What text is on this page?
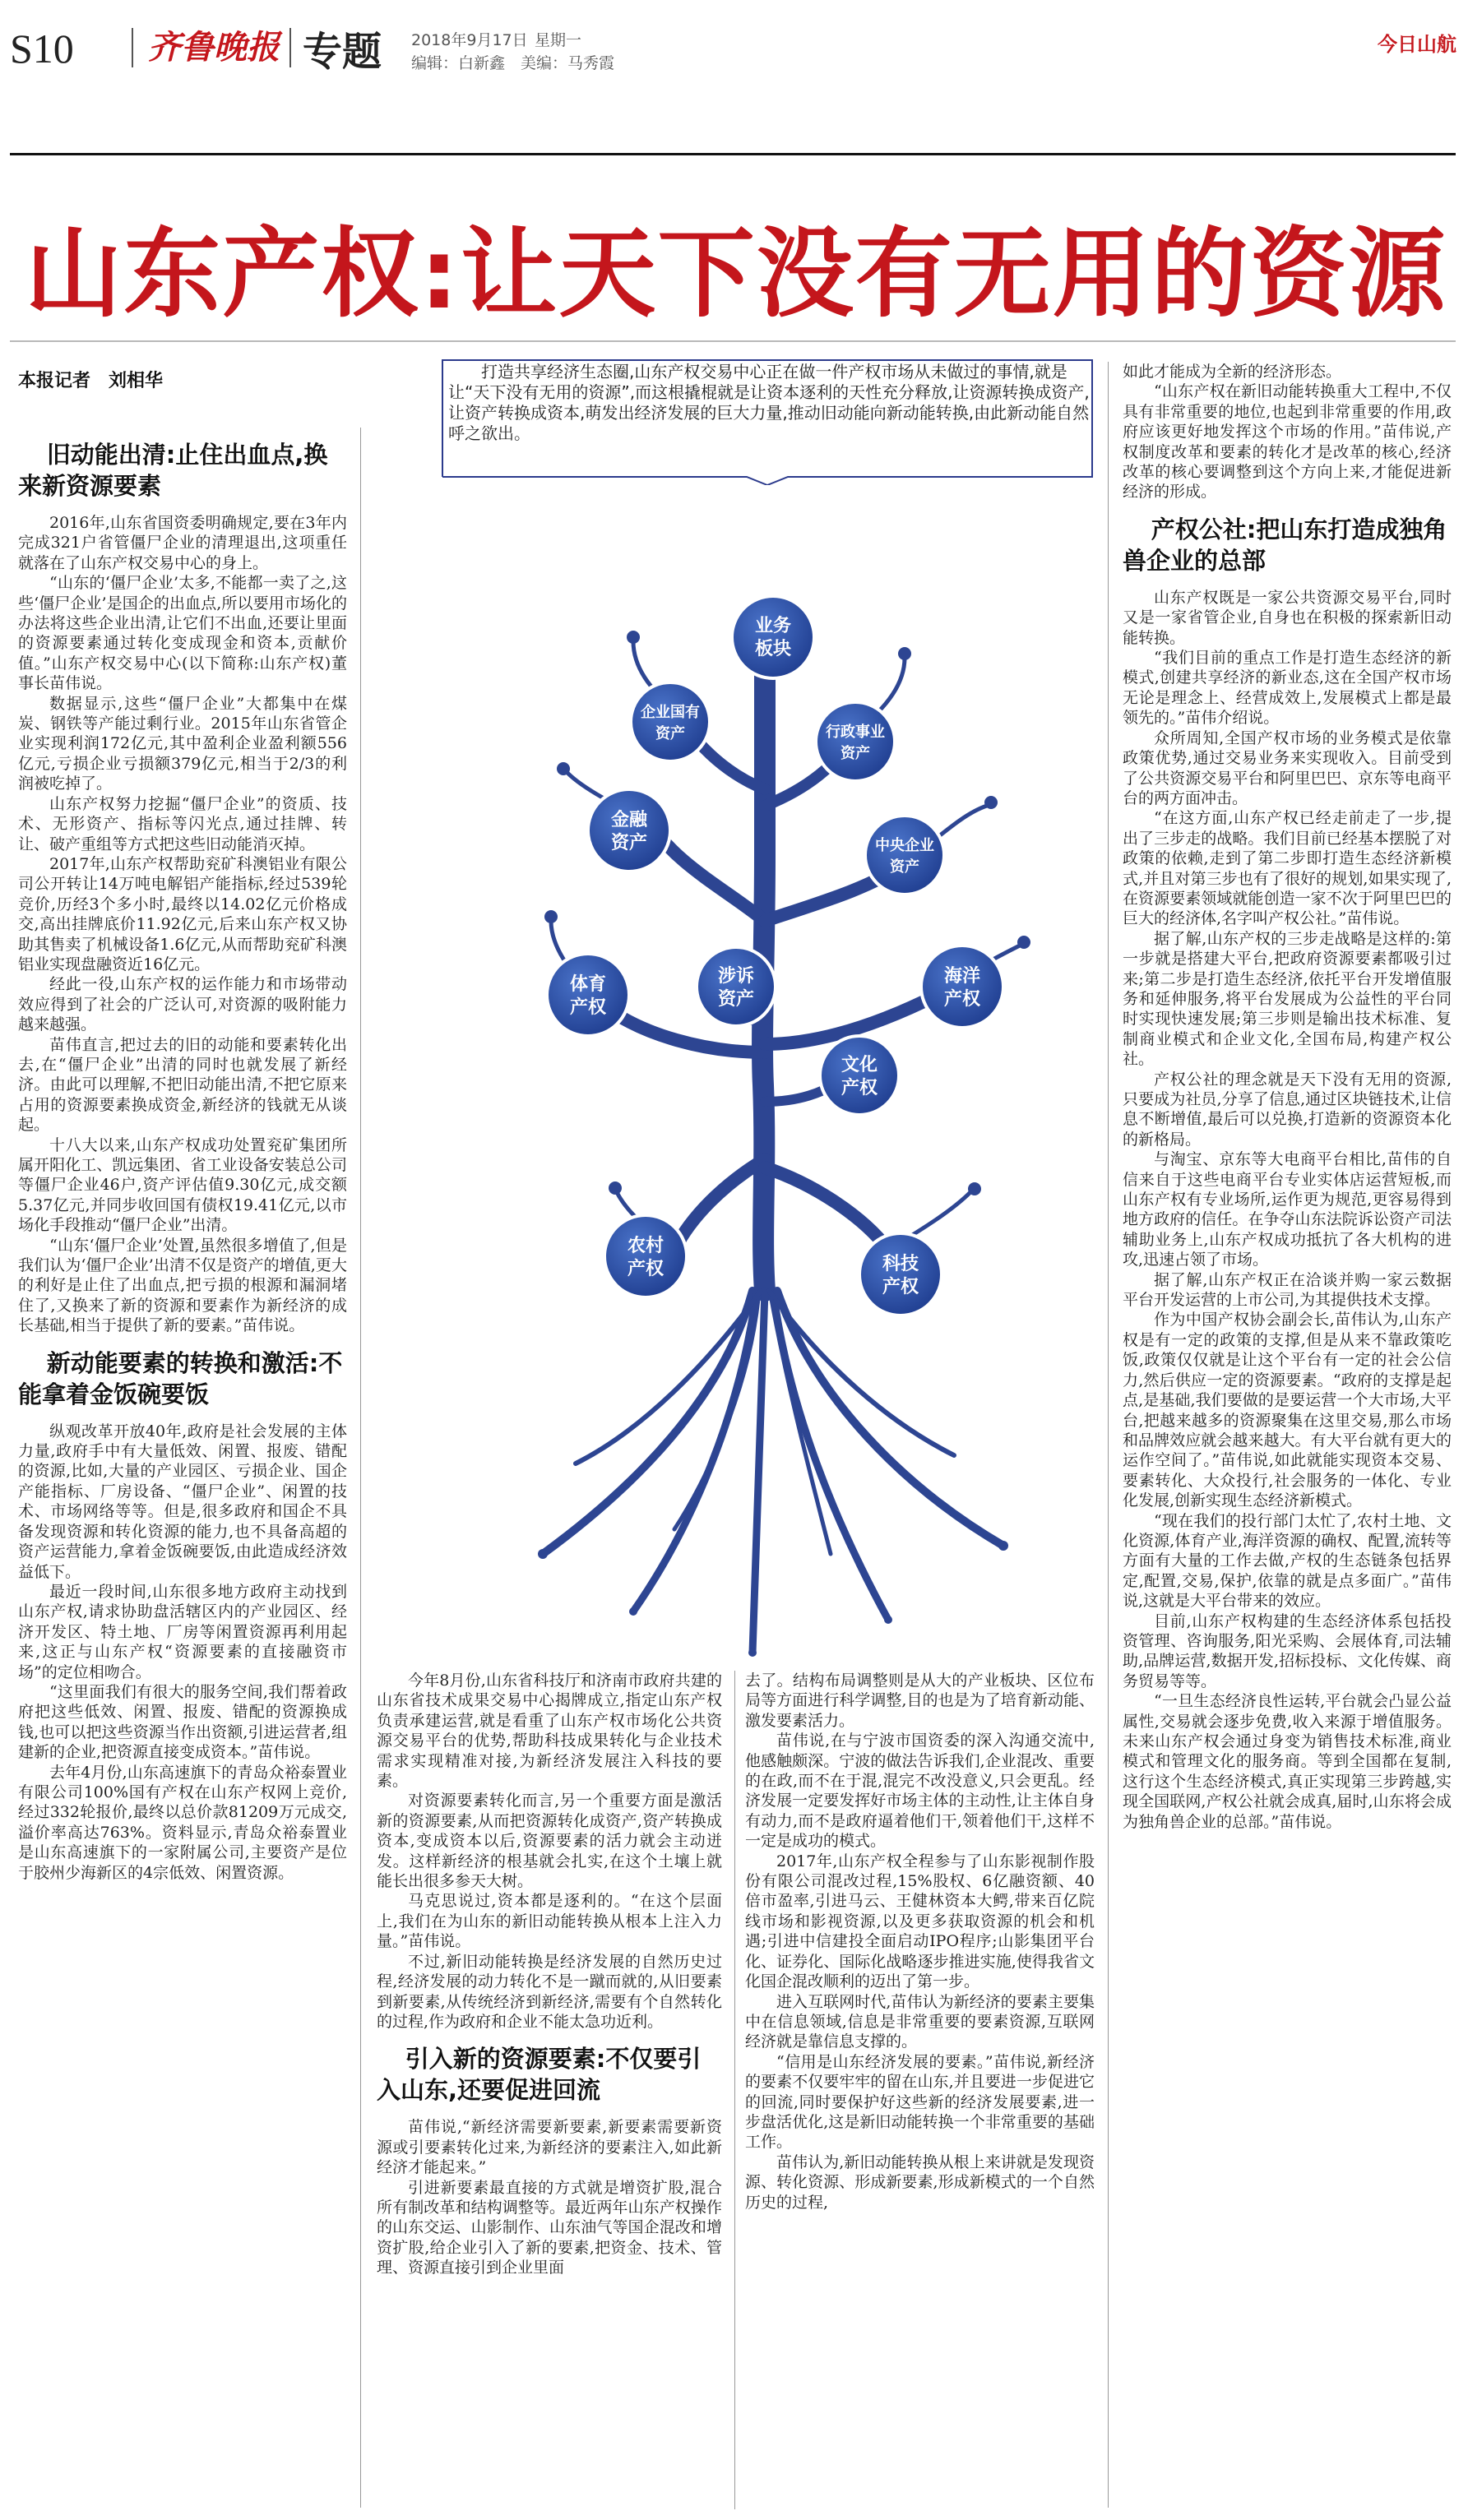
S10 齐鲁晚报 专题 2018年9月17日 星期一
编辑：白新鑫　 美编：马秀霞
今日山航
山东产权:让天下没有无用的资源
本报记者　刘相华	打造共享经济生态圈,山东产权交易中心正在做一件产权市场从未做过的事情,就是让“天下没有无用的资源”,而这根撬棍就是让资本逐利的天性充分释放,让资源转换成资产,让资产转换成资本,萌发出经济发展的巨大力量,推动旧动能向新动能转换,由此新动能自然呼之欲出。

旧动能出清:止住出血点,换来新资源要素

2016年,山东省国资委明确规定,要在3年内完成321户省管僵尸企业的清理退出,这项重任就落在了山东产权交易中心的身上。

“山东的‘僵尸企业’太多,不能都一卖了之,这些‘僵尸企业’是国企的出血点,所以要用市场化的办法将这些企业出清,让它们不出血,还要让里面的资源要素通过转化变成现金和资本,贡献价值。”山东产权交易中心(以下简称:山东产权)董事长苗伟说。

数据显示,这些“僵尸企业”大都集中在煤炭、钢铁等产能过剩行业。2015年山东省管企业实现利润172亿元,其中盈利企业盈利额556亿元,亏损企业亏损额379亿元,相当于2/3的利润被吃掉了。

山东产权努力挖掘“僵尸企业”的资质、技术、无形资产、指标等闪光点,通过挂牌、转让、破产重组等方式把这些旧动能消灭掉。

2017年,山东产权帮助兖矿科澳铝业有限公司公开转让14万吨电解铝产能指标,经过539轮竞价,历经3个多小时,最终以14.02亿元价格成交,高出挂牌底价11.92亿元,后来山东产权又协助其售卖了机械设备1.6亿元,从而帮助兖矿科澳铝业实现盘融资近16亿元。

经此一役,山东产权的运作能力和市场带动效应得到了社会的广泛认可,对资源的吸附能力越来越强。

苗伟直言,把过去的旧的动能和要素转化出去,在“僵尸企业”出清的同时也就发展了新经济。由此可以理解,不把旧动能出清,不把它原来占用的资源要素换成资金,新经济的钱就无从谈起。

十八大以来,山东产权成功处置兖矿集团所属开阳化工、凯远集团、省工业设备安装总公司等僵尸企业46户,资产评估值9.30亿元,成交额5.37亿元,并同步收回国有债权19.41亿元,以市场化手段推动“僵尸企业”出清。

“山东‘僵尸企业’处置,虽然很多增值了,但是我们认为‘僵尸企业’出清不仅是资产的增值,更大的利好是止住了出血点,把亏损的根源和漏洞堵住了,又换来了新的资源和要素作为新经济的成长基础,相当于提供了新的要素。”苗伟说。

新动能要素的转换和激活:不能拿着金饭碗要饭

纵观改革开放40年,政府是社会发展的主体力量,政府手中有大量低效、闲置、报废、错配的资源,比如,大量的产业园区、亏损企业、国企产能指标、厂房设备、“僵尸企业”、闲置的技术、市场网络等等。但是,很多政府和国企不具备发现资源和转化资源的能力,也不具备高超的资产运营能力,拿着金饭碗要饭,由此造成经济效益低下。

最近一段时间,山东很多地方政府主动找到山东产权,请求协助盘活辖区内的产业园区、经济开发区、特土地、厂房等闲置资源再利用起来,这正与山东产权“资源要素的直接融资市场”的定位相吻合。

“这里面我们有很大的服务空间,我们帮着政府把这些低效、闲置、报废、错配的资源换成钱,也可以把这些资源当作出资额,引进运营者,组建新的企业,把资源直接变成资本。”苗伟说。

去年4月份,山东高速旗下的青岛众裕泰置业有限公司100%国有产权在山东产权网上竞价,经过332轮报价,最终以总价款81209万元成交,溢价率高达763%。资料显示,青岛众裕泰置业是山东高速旗下的一家附属公司,主要资产是位于胶州少海新区的4宗低效、闲置资源。

业务
板块
企业国有
资产	行政事业
资产
金融
资产	中央企业
资产
涉诉
资产
体育
产权
海洋
产权
文化
产权
农村
产权	科技
产权

今年8月份,山东省科技厅和济南市政府共建的山东省技术成果交易中心揭牌成立,指定山东产权负责承建运营,就是看重了山东产权市场化公共资源交易平台的优势,帮助科技成果转化与企业技术需求实现精准对接,为新经济发展注入科技的要素。

对资源要素转化而言,另一个重要方面是激活新的资源要素,从而把资源转化成资产,资产转换成资本,变成资本以后,资源要素的活力就会主动迸发。这样新经济的根基就会扎实,在这个土壤上就能长出很多参天大树。

马克思说过,资本都是逐利的。“在这个层面上,我们在为山东的新旧动能转换从根本上注入力量。”苗伟说。

不过,新旧动能转换是经济发展的自然历史过程,经济发展的动力转化不是一蹴而就的,从旧要素到新要素,从传统经济到新经济,需要有个自然转化的过程,作为政府和企业不能太急功近利。

引入新的资源要素:不仅要引入山东,还要促进回流

苗伟说,“新经济需要新要素,新要素需要新资源或引要素转化过来,为新经济的要素注入,如此新经济才能起来。”

引进新要素最直接的方式就是增资扩股,混合所有制改革和结构调整等。最近两年山东产权操作的山东交运、山影制作、山东油气等国企混改和增资扩股,给企业引入了新的要素,把资金、技术、管理、资源直接引到企业里面

去了。结构布局调整则是从大的产业板块、区位布局等方面进行科学调整,目的也是为了培育新动能、激发要素活力。

苗伟说,在与宁波市国资委的深入沟通交流中,他感触颇深。宁波的做法告诉我们,企业混改、重要的在政,而不在于混,混完不改没意义,只会更乱。经济发展一定要发挥好市场主体的主动性,让主体自身有动力,而不是政府逼着他们干,领着他们干,这样不一定是成功的模式。

2017年,山东产权全程参与了山东影视制作股份有限公司混改过程,15%股权、6亿融资额、40倍市盈率,引进马云、王健林资本大鳄,带来百亿院线市场和影视资源,以及更多获取资源的机会和机遇;引进中信建投全面启动IPO程序;山影集团平台化、证券化、国际化战略逐步推进实施,使得我省文化国企混改顺利的迈出了第一步。

进入互联网时代,苗伟认为新经济的要素主要集中在信息领域,信息是非常重要的要素资源,互联网经济就是靠信息支撑的。

“信用是山东经济发展的要素。”苗伟说,新经济的要素不仅要牢牢的留在山东,并且要进一步促进它的回流,同时要保护好这些新的经济发展要素,进一步盘活优化,这是新旧动能转换一个非常重要的基础工作。

苗伟认为,新旧动能转换从根上来讲就是发现资源、转化资源、形成新要素,形成新模式的一个自然历史的过程,

如此才能成为全新的经济形态。

“山东产权在新旧动能转换重大工程中,不仅具有非常重要的地位,也起到非常重要的作用,政府应该更好地发挥这个市场的作用。”苗伟说,产权制度改革和要素的转化才是改革的核心,经济改革的核心要调整到这个方向上来,才能促进新经济的形成。

产权公社:把山东打造成独角兽企业的总部

山东产权既是一家公共资源交易平台,同时又是一家省管企业,自身也在积极的探索新旧动能转换。

“我们目前的重点工作是打造生态经济的新模式,创建共享经济的新业态,这在全国产权市场无论是理念上、经营成效上,发展模式上都是最领先的。”苗伟介绍说。

众所周知,全国产权市场的业务模式是依靠政策优势,通过交易业务来实现收入。目前受到了公共资源交易平台和阿里巴巴、京东等电商平台的两方面冲击。

“在这方面,山东产权已经走前走了一步,提出了三步走的战略。我们目前已经基本摆脱了对政策的依赖,走到了第二步即打造生态经济新模式,并且对第三步也有了很好的规划,如果实现了,在资源要素领域就能创造一家不次于阿里巴巴的巨大的经济体,名字叫产权公社。”苗伟说。

据了解,山东产权的三步走战略是这样的:第一步就是搭建大平台,把政府资源要素都吸引过来;第二步是打造生态经济,依托平台开发增值服务和延伸服务,将平台发展成为公益性的平台同时实现快速发展;第三步则是输出技术标准、复制商业模式和企业文化,全国布局,构建产权公社。

产权公社的理念就是天下没有无用的资源,只要成为社员,分享了信息,通过区块链技术,让信息不断增值,最后可以兑换,打造新的资源资本化的新格局。

与淘宝、京东等大电商平台相比,苗伟的自信来自于这些电商平台专业实体店运营短板,而山东产权有专业场所,运作更为规范,更容易得到地方政府的信任。在争夺山东法院诉讼资产司法辅助业务上,山东产权成功抵抗了各大机构的进攻,迅速占领了市场。

据了解,山东产权正在洽谈并购一家云数据平台开发运营的上市公司,为其提供技术支撑。

作为中国产权协会副会长,苗伟认为,山东产权是有一定的政策的支撑,但是从来不靠政策吃饭,政策仅仅就是让这个平台有一定的社会公信力,然后供应一定的资源要素。“政府的支撑是起点,是基础,我们要做的是要运营一个大市场,大平台,把越来越多的资源聚集在这里交易,那么市场和品牌效应就会越来越大。有大平台就有更大的运作空间了。”苗伟说,如此就能实现资本交易、要素转化、大众投行,社会服务的一体化、专业化发展,创新实现生态经济新模式。

“现在我们的投行部门太忙了,农村土地、文化资源,体育产业,海洋资源的确权、配置,流转等方面有大量的工作去做,产权的生态链条包括界定,配置,交易,保护,依靠的就是点多面广。”苗伟说,这就是大平台带来的效应。

目前,山东产权构建的生态经济体系包括投资管理、咨询服务,阳光采购、会展体育,司法辅助,品牌运营,数据开发,招标投标、文化传媒、商务贸易等等。

“一旦生态经济良性运转,平台就会凸显公益属性,交易就会逐步免费,收入来源于增值服务。未来山东产权会通过身变为销售技术标准,商业模式和管理文化的服务商。等到全国都在复制,这行这个生态经济模式,真正实现第三步跨越,实现全国联网,产权公社就会成真,届时,山东将会成为独角兽企业的总部。”苗伟说。
